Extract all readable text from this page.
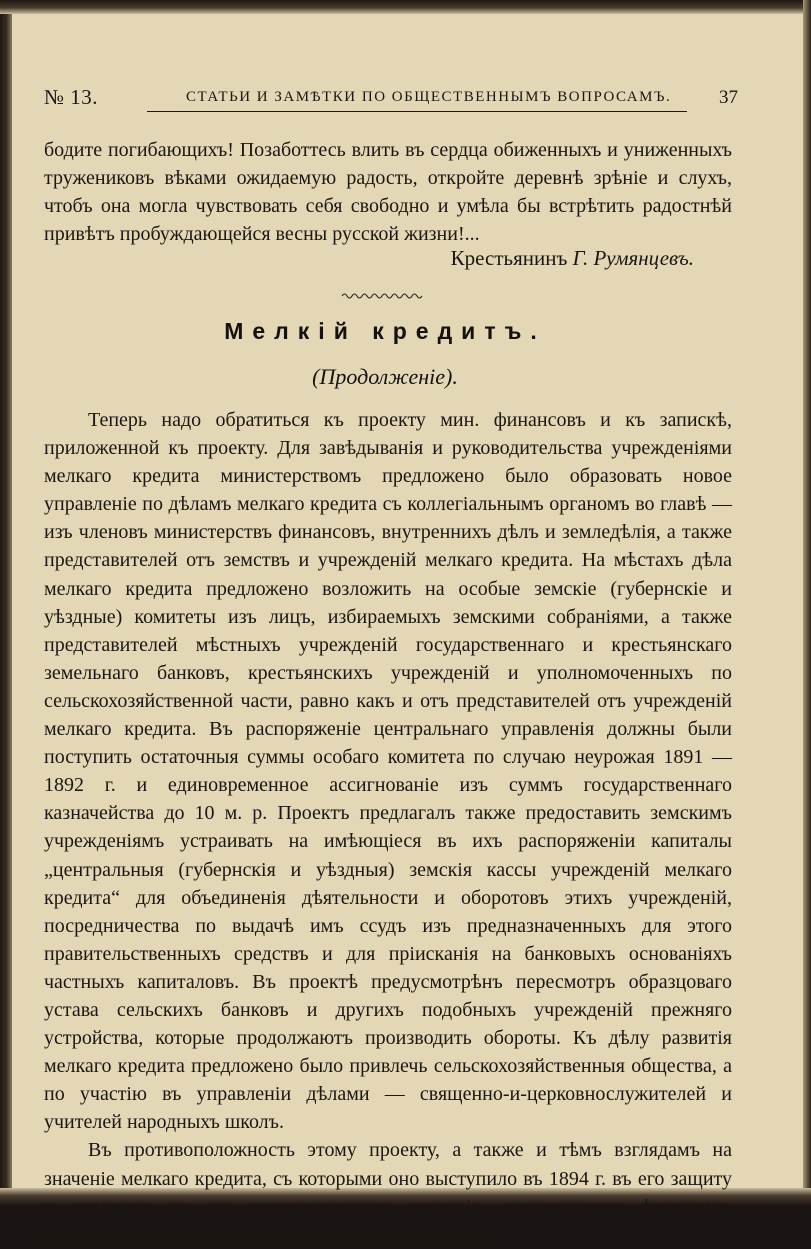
№ 13.	СТАТЬИ И ЗАМѢТКИ ПО ОБЩЕСТВЕННЫМЪ ВОПРОСАМЪ.	37

бодите погибающихъ! Позаботтесь влить въ сердца обиженныхъ и униженныхъ тружениковъ вѣками ожидаемую радость, откройте деревнѣ зрѣніе и слухъ, чтобъ она могла чувствовать себя свободно и умѣла бы встрѣтить радостнѣй привѣтъ пробуждающейся весны русской жизни!...

Крестьянинъ Г. Румянцевъ.
Мелкій кредитъ.
(Продолженіе).

Теперь надо обратиться къ проекту мин. финансовъ и къ запискѣ, приложенной къ проекту. Для завѣдыванія и руководительства учрежденіями мелкаго кредита министерствомъ предложено было образовать новое управленіе по дѣламъ мелкаго кредита съ коллегіальнымъ органомъ во главѣ — изъ членовъ министерствъ финансовъ, внутреннихъ дѣлъ и земледѣлія, а также представителей отъ земствъ и учрежденій мелкаго кредита. На мѣстахъ дѣла мелкаго кредита предложено возложить на особые земскіе (губернскіе и уѣздные) комитеты изъ лицъ, избираемыхъ земскими собраніями, а также представителей мѣстныхъ учрежденій государственнаго и крестьянскаго земельнаго банковъ, крестьянскихъ учрежденій и уполномоченныхъ по сельскохозяйственной части, равно какъ и отъ представителей отъ учрежденій мелкаго кредита. Въ распоряженіе центральнаго управленія должны были поступить остаточныя суммы особаго комитета по случаю неурожая 1891 — 1892 г. и единовременное ассигнованіе изъ суммъ государственнаго казначейства до 10 м. р. Проектъ предлагалъ также предоставить земскимъ учрежденіямъ устраивать на имѣющіеся въ ихъ распоряженіи капиталы „центральныя (губернскія и уѣздныя) земскія кассы учрежденій мелкаго кредита“ для объединенія дѣятельности и оборотовъ этихъ учрежденій, посредничества по выдачѣ имъ ссудъ изъ предназначенныхъ для этого правительственныхъ средствъ и для пріисканія на банковыхъ основаніяхъ частныхъ капиталовъ. Въ проектѣ предусмотрѣнъ пересмотръ образцоваго устава сельскихъ банковъ и другихъ подобныхъ учрежденій прежняго устройства, которые продолжаютъ производить обороты. Къ дѣлу развитія мелкаго кредита предложено было привлечь сельскохозяйственныя общества, а по участію въ управленіи дѣлами — священно-и-церковнослужителей и учителей народныхъ школъ.

Въ противоположность этому проекту, а также и тѣмъ взглядамъ на значеніе мелкаго кредита, съ которыми оно выступило въ 1894 г. въ его защиту и указывая на его государственное значеніе, министерство финансовъ выступаетъ теперь съ запиской, въ которой сгруппи-
